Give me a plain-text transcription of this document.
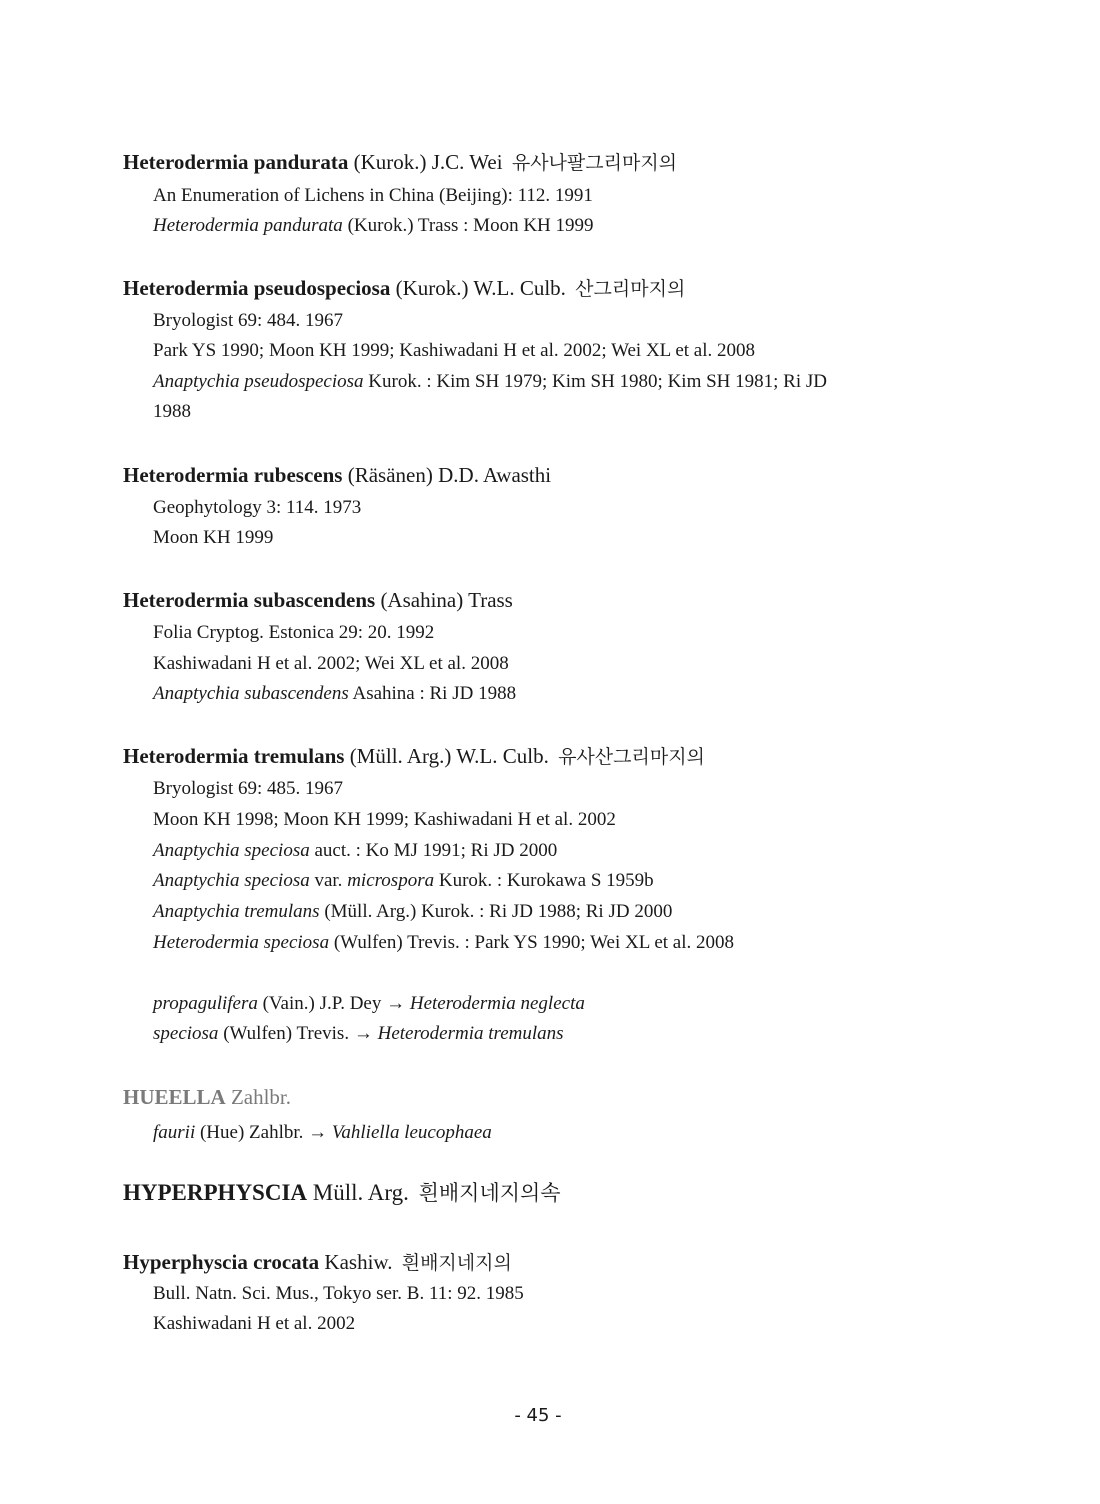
Heterodermia pandurata (Kurok.) J.C. Wei 유사나팔그리마지의
An Enumeration of Lichens in China (Beijing): 112. 1991
Heterodermia pandurata (Kurok.) Trass : Moon KH 1999
Heterodermia pseudospeciosa (Kurok.) W.L. Culb. 산그리마지의
Bryologist 69: 484. 1967
Park YS 1990; Moon KH 1999; Kashiwadani H et al. 2002; Wei XL et al. 2008
Anaptychia pseudospeciosa Kurok. : Kim SH 1979; Kim SH 1980; Kim SH 1981; Ri JD
1988
Heterodermia rubescens (Räsänen) D.D. Awasthi
Geophytology 3: 114. 1973
Moon KH 1999
Heterodermia subascendens (Asahina) Trass
Folia Cryptog. Estonica 29: 20. 1992
Kashiwadani H et al. 2002; Wei XL et al. 2008
Anaptychia subascendens Asahina : Ri JD 1988
Heterodermia tremulans (Müll. Arg.) W.L. Culb. 유사산그리마지의
Bryologist 69: 485. 1967
Moon KH 1998; Moon KH 1999; Kashiwadani H et al. 2002
Anaptychia speciosa auct. : Ko MJ 1991; Ri JD 2000
Anaptychia speciosa var. microspora Kurok. : Kurokawa S 1959b
Anaptychia tremulans (Müll. Arg.) Kurok. : Ri JD 1988; Ri JD 2000
Heterodermia speciosa (Wulfen) Trevis. : Park YS 1990; Wei XL et al. 2008
propagulifera (Vain.) J.P. Dey → Heterodermia neglecta
speciosa (Wulfen) Trevis. → Heterodermia tremulans
HUEELLA Zahlbr.
faurii (Hue) Zahlbr. → Vahliella leucophaea
HYPERPHYSCIA Müll. Arg. 흰배지네지의속
Hyperphyscia crocata Kashiw. 흰배지네지의
Bull. Natn. Sci. Mus., Tokyo ser. B. 11: 92. 1985
Kashiwadani H et al. 2002
- 45 -
